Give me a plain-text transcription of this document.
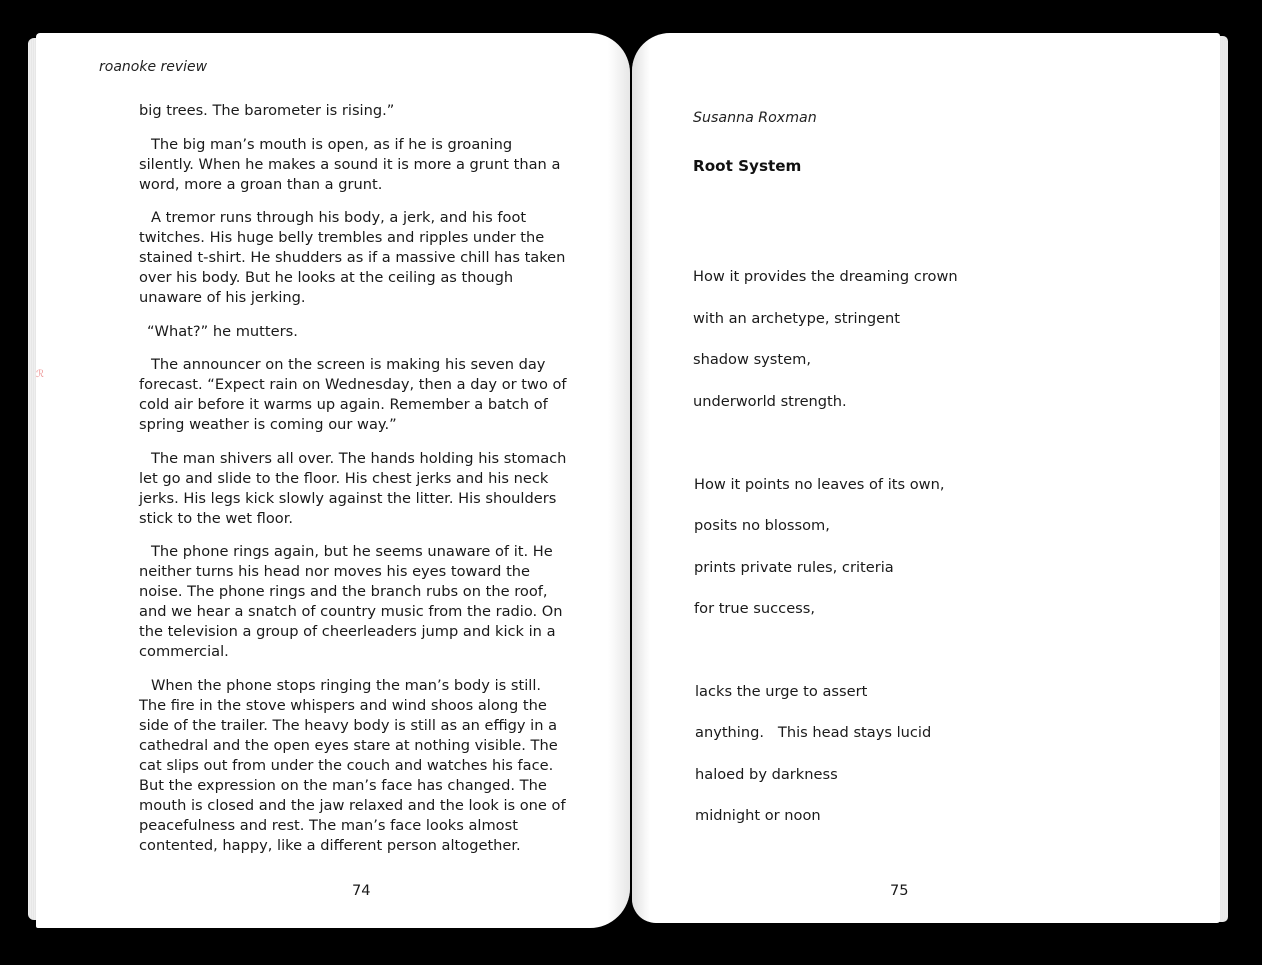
ℛ
roanoke review

big trees. The barometer is rising.”

The big man’s mouth is open, as if he is groaning silently. When he makes a sound it is more a grunt than a word, more a groan than a grunt.

A tremor runs through his body, a jerk, and his foot twitches. His huge belly trembles and ripples under the stained t-shirt. He shudders as if a massive chill has taken over his body. But he looks at the ceiling as though unaware of his jerking.

“What?” he mutters.

The announcer on the screen is making his seven day forecast. “Expect rain on Wednesday, then a day or two of cold air before it warms up again. Remember a batch of spring weather is coming our way.”

The man shivers all over. The hands holding his stomach let go and slide to the floor. His chest jerks and his neck jerks. His legs kick slowly against the litter. His shoulders stick to the wet floor.

The phone rings again, but he seems unaware of it. He neither turns his head nor moves his eyes toward the noise. The phone rings and the branch rubs on the roof, and we hear a snatch of country music from the radio. On the television a group of cheerleaders jump and kick in a commercial.

When the phone stops ringing the man’s body is still. The fire in the stove whispers and wind shoos along the side of the trailer. The heavy body is still as an effigy in a cathedral and the open eyes stare at nothing visible. The cat slips out from under the couch and watches his face. But the expression on the man’s face has changed. The mouth is closed and the jaw relaxed and the look is one of peacefulness and rest. The man’s face looks almost contented, happy, like a different person altogether.

74
Susanna Roxman
Root System
How it provides the dreaming crown
with an archetype, stringent
shadow system,
underworld strength.
How it points no leaves of its own,
posits no blossom,
prints private rules, criteria
for true success,
lacks the urge to assert
anything.   This head stays lucid
haloed by darkness
midnight or noon
75
